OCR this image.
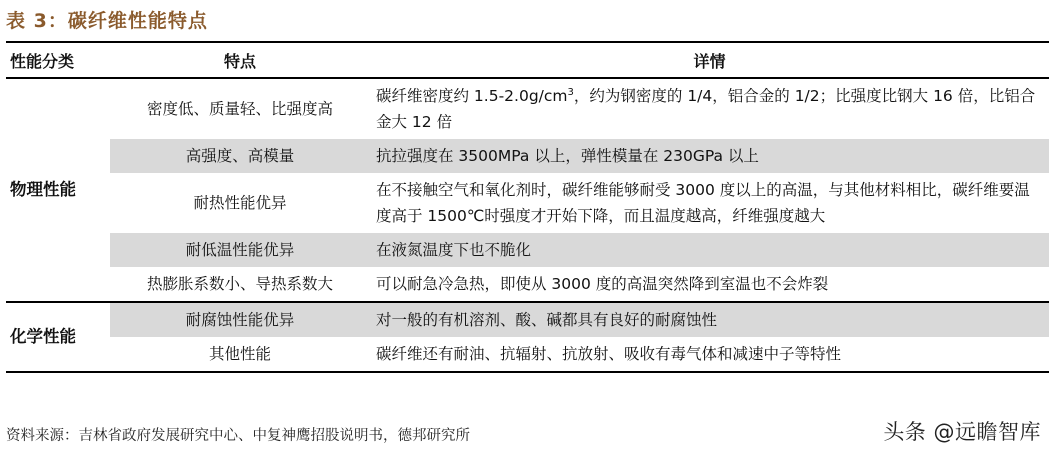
表 3：碳纤维性能特点
性能分类	特点	详情
物理性能	密度低、质量轻、比强度高	碳纤维密度约 $1.5-2.0g/cm^3$，约为钢密度的 1/4，铝合金的 1/2；比强度比钢大 16 倍，比铝合金大 12 倍
	高强度、高模量	抗拉强度在 3500MPa 以上，弹性模量在 230GPa 以上
	耐热性能优异	在不接触空气和氧化剂时，碳纤维能够耐受 3000 度以上的高温，与其他材料相比，碳纤维要温度高于 1500℃时强度才开始下降，而且温度越高，纤维强度越大
	耐低温性能优异	在液氮温度下也不脆化
	热膨胀系数小、导热系数大	可以耐急冷急热，即使从 3000 度的高温突然降到室温也不会炸裂
化学性能	耐腐蚀性能优异	对一般的有机溶剂、酸、碱都具有良好的耐腐蚀性
	其他性能	碳纤维还有耐油、抗辐射、抗放射、吸收有毒气体和减速中子等特性
资料来源：吉林省政府发展研究中心、中复神鹰招股说明书，德邦研究所	头条 @远瞻智库
